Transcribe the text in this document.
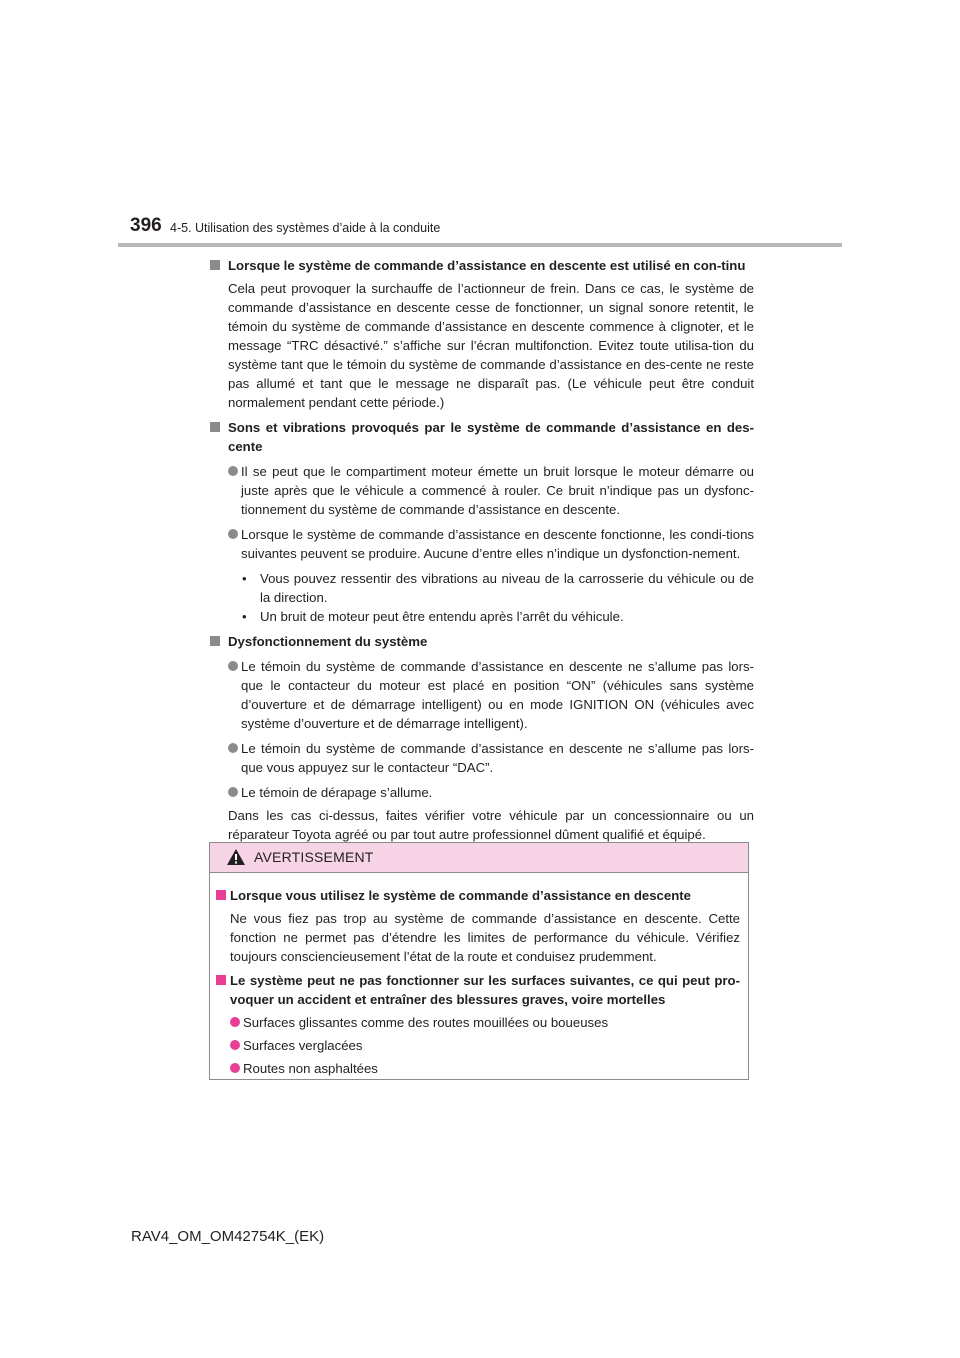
396 4-5. Utilisation des systèmes d’aide à la conduite
Lorsque le système de commande d’assistance en descente est utilisé en con-tinu
Cela peut provoquer la surchauffe de l’actionneur de frein. Dans ce cas, le système de commande d’assistance en descente cesse de fonctionner, un signal sonore retentit, le témoin du système de commande d’assistance en descente commence à clignoter, et le message “TRC désactivé.” s’affiche sur l’écran multifonction. Evitez toute utilisa-tion du système tant que le témoin du système de commande d’assistance en des-cente ne reste pas allumé et tant que le message ne disparaît pas. (Le véhicule peut être conduit normalement pendant cette période.)
Sons et vibrations provoqués par le système de commande d’assistance en des-cente
Il se peut que le compartiment moteur émette un bruit lorsque le moteur démarre ou juste après que le véhicule a commencé à rouler. Ce bruit n’indique pas un dysfonc-tionnement du système de commande d’assistance en descente.
Lorsque le système de commande d’assistance en descente fonctionne, les condi-tions suivantes peuvent se produire. Aucune d’entre elles n’indique un dysfonction-nement.
• Vous pouvez ressentir des vibrations au niveau de la carrosserie du véhicule ou de la direction.
• Un bruit de moteur peut être entendu après l’arrêt du véhicule.
Dysfonctionnement du système
Le témoin du système de commande d’assistance en descente ne s’allume pas lors-que le contacteur du moteur est placé en position “ON” (véhicules sans système d’ouverture et de démarrage intelligent) ou en mode IGNITION ON (véhicules avec système d’ouverture et de démarrage intelligent).
Le témoin du système de commande d’assistance en descente ne s’allume pas lors-que vous appuyez sur le contacteur “DAC”.
Le témoin de dérapage s’allume.
Dans les cas ci-dessus, faites vérifier votre véhicule par un concessionnaire ou un réparateur Toyota agréé ou par tout autre professionnel dûment qualifié et équipé.
AVERTISSEMENT
Lorsque vous utilisez le système de commande d’assistance en descente
Ne vous fiez pas trop au système de commande d’assistance en descente. Cette fonction ne permet pas d’étendre les limites de performance du véhicule. Vérifiez toujours consciencieusement l’état de la route et conduisez prudemment.
Le système peut ne pas fonctionner sur les surfaces suivantes, ce qui peut pro-voquer un accident et entraîner des blessures graves, voire mortelles
Surfaces glissantes comme des routes mouillées ou boueuses
Surfaces verglacées
Routes non asphaltées
RAV4_OM_OM42754K_(EK)
